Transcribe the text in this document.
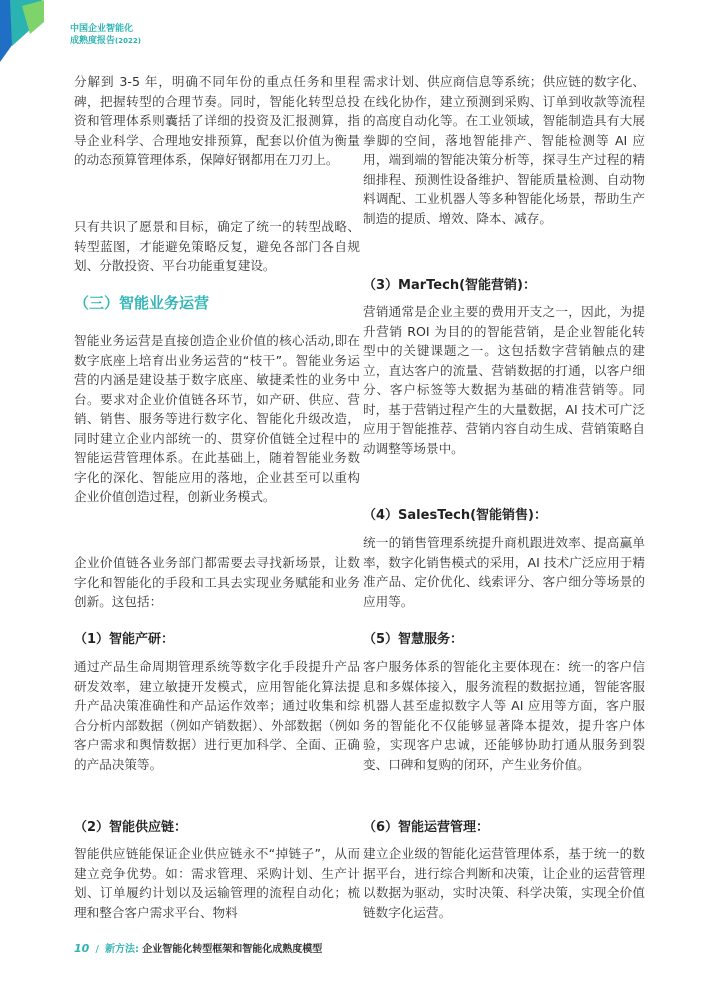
中国企业智能化
成熟度报告$^{(2022)}$

分解到 3-5 年，明确不同年份的重点任务和里程碑，把握转型的合理节奏。同时，智能化转型总投资和管理体系则囊括了详细的投资及汇报测算，指导企业科学、合理地安排预算，配套以价值为衡量的动态预算管理体系，保障好钢都用在刀刃上。

只有共识了愿景和目标，确定了统一的转型战略、转型蓝图，才能避免策略反复，避免各部门各自规划、分散投资、平台功能重复建设。

（三）智能业务运营

智能业务运营是直接创造企业价值的核心活动,即在数字底座上培育出业务运营的“枝干”。智能业务运营的内涵是建设基于数字底座、敏捷柔性的业务中台。要求对企业价值链各环节，如产研、供应、营销、销售、服务等进行数字化、智能化升级改造，同时建立企业内部统一的、贯穿价值链全过程中的智能运营管理体系。在此基础上，随着智能业务数字化的深化、智能应用的落地，企业甚至可以重构企业价值创造过程，创新业务模式。

企业价值链各业务部门都需要去寻找新场景，让数字化和智能化的手段和工具去实现业务赋能和业务创新。这包括：

（1）智能产研：

通过产品生命周期管理系统等数字化手段提升产品研发效率，建立敏捷开发模式，应用智能化算法提升产品决策准确性和产品运作效率；通过收集和综合分析内部数据（例如产销数据）、外部数据（例如客户需求和舆情数据）进行更加科学、全面、正确的产品决策等。

（2）智能供应链：

智能供应链能保证企业供应链永不“掉链子”，从而建立竞争优势。如：需求管理、采购计划、生产计划、订单履约计划以及运输管理的流程自动化；梳理和整合客户需求平台、物料

需求计划、供应商信息等系统；供应链的数字化、在线化协作，建立预测到采购、订单到收款等流程的高度自动化等。在工业领域，智能制造具有大展拳脚的空间，落地智能排产、智能检测等 AI 应用，端到端的智能决策分析等，探寻生产过程的精细排程、预测性设备维护、智能质量检测、自动物料调配、工业机器人等多种智能化场景，帮助生产制造的提质、增效、降本、减存。

（3）MarTech(智能营销)：

营销通常是企业主要的费用开支之一，因此，为提升营销 ROI 为目的的智能营销，是企业智能化转型中的关键课题之一。这包括数字营销触点的建立，直达客户的流量、营销数据的打通，以客户细分、客户标签等大数据为基础的精准营销等。同时，基于营销过程产生的大量数据，AI 技术可广泛应用于智能推荐、营销内容自动生成、营销策略自动调整等场景中。

（4）SalesTech(智能销售)：

统一的销售管理系统提升商机跟进效率、提高赢单率，数字化销售模式的采用，AI 技术广泛应用于精准产品、定价优化、线索评分、客户细分等场景的应用等。

（5）智慧服务：

客户服务体系的智能化主要体现在：统一的客户信息和多媒体接入，服务流程的数据拉通，智能客服机器人甚至虚拟数字人等 AI 应用等方面，客户服务的智能化不仅能够显著降本提效，提升客户体验，实现客户忠诚，还能够协助打通从服务到裂变、口碑和复购的闭环，产生业务价值。

（6）智能运营管理：

建立企业级的智能化运营管理体系，基于统一的数据平台，进行综合判断和决策，让企业的运营管理以数据为驱动，实时决策、科学决策，实现全价值链数字化运营。

10 / 新方法: 企业智能化转型框架和智能化成熟度模型
